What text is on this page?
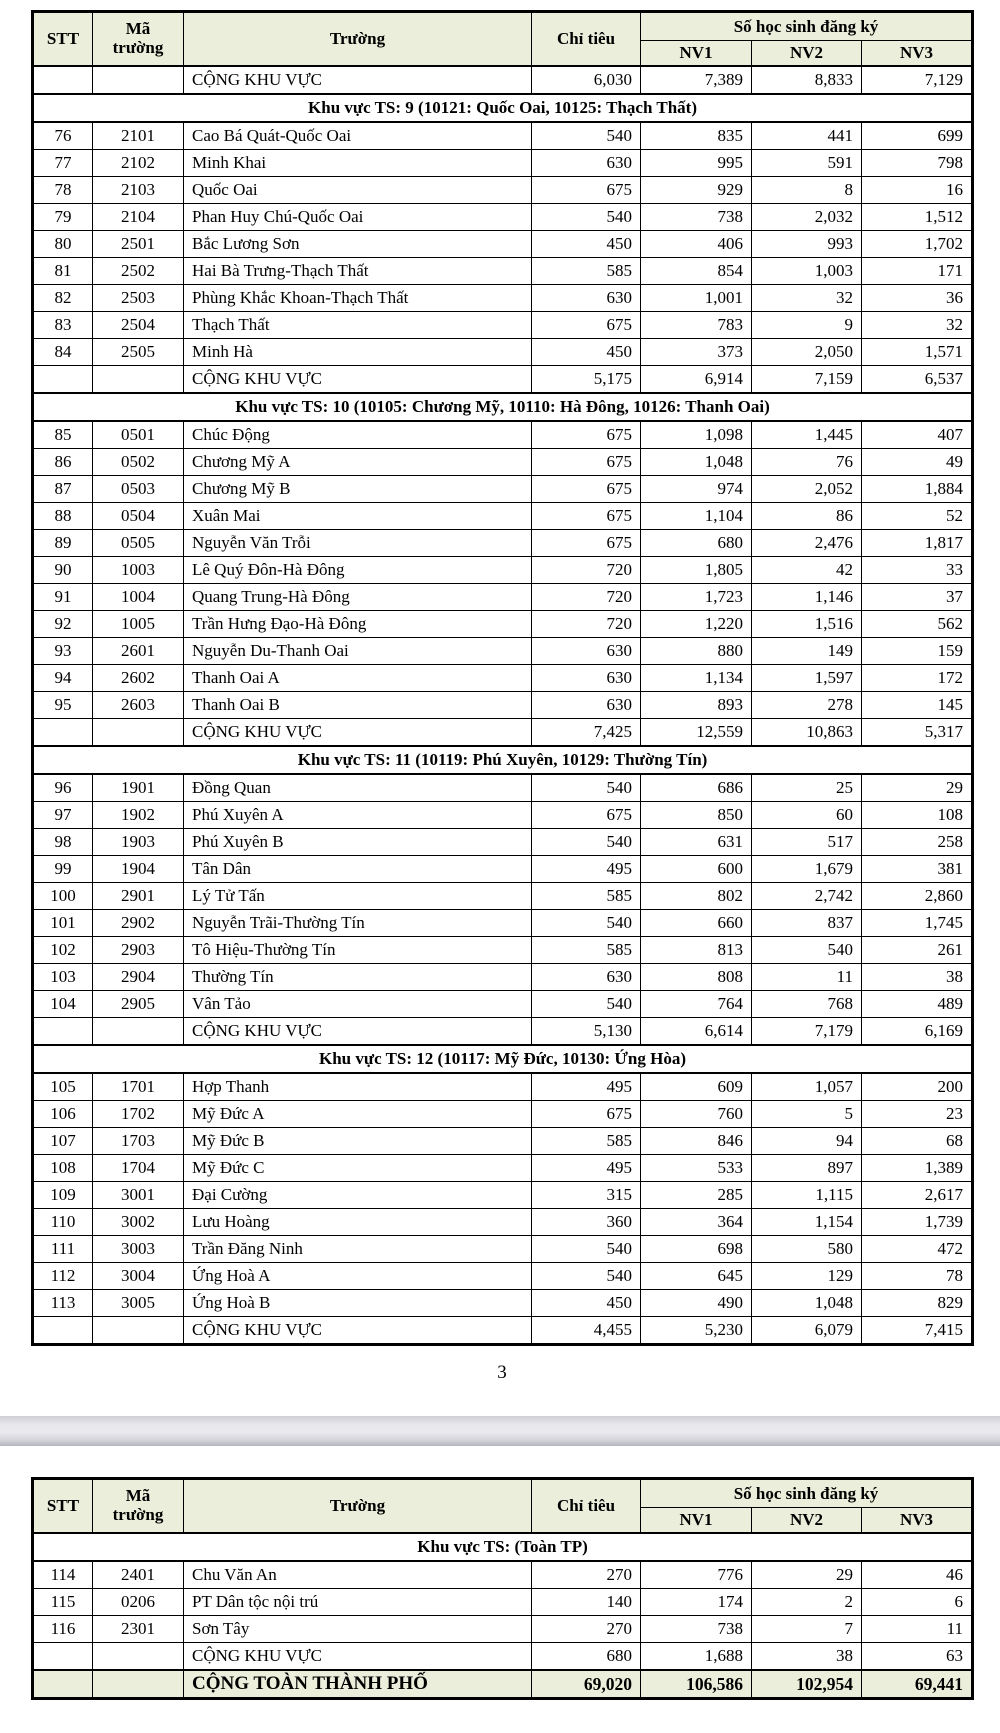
STT	Mã trường	Trường	Chỉ tiêu	Số học sinh đăng ký		
				NV1	NV2	NV3
		CỘNG KHU VỰC	6,030	7,389	8,833	7,129
Khu vực TS: 9 (10121: Quốc Oai, 10125: Thạch Thất)						
76	2101	Cao Bá Quát-Quốc Oai	540	835	441	699
77	2102	Minh Khai	630	995	591	798
78	2103	Quốc Oai	675	929	8	16
79	2104	Phan Huy Chú-Quốc Oai	540	738	2,032	1,512
80	2501	Bắc Lương Sơn	450	406	993	1,702
81	2502	Hai Bà Trưng-Thạch Thất	585	854	1,003	171
82	2503	Phùng Khắc Khoan-Thạch Thất	630	1,001	32	36
83	2504	Thạch Thất	675	783	9	32
84	2505	Minh Hà	450	373	2,050	1,571
		CỘNG KHU VỰC	5,175	6,914	7,159	6,537
Khu vực TS: 10 (10105: Chương Mỹ, 10110: Hà Đông, 10126: Thanh Oai)						
85	0501	Chúc Động	675	1,098	1,445	407
86	0502	Chương Mỹ A	675	1,048	76	49
87	0503	Chương Mỹ B	675	974	2,052	1,884
88	0504	Xuân Mai	675	1,104	86	52
89	0505	Nguyễn Văn Trỗi	675	680	2,476	1,817
90	1003	Lê Quý Đôn-Hà Đông	720	1,805	42	33
91	1004	Quang Trung-Hà Đông	720	1,723	1,146	37
92	1005	Trần Hưng Đạo-Hà Đông	720	1,220	1,516	562
93	2601	Nguyễn Du-Thanh Oai	630	880	149	159
94	2602	Thanh Oai A	630	1,134	1,597	172
95	2603	Thanh Oai B	630	893	278	145
		CỘNG KHU VỰC	7,425	12,559	10,863	5,317
Khu vực TS: 11 (10119: Phú Xuyên, 10129: Thường Tín)						
96	1901	Đồng Quan	540	686	25	29
97	1902	Phú Xuyên A	675	850	60	108
98	1903	Phú Xuyên B	540	631	517	258
99	1904	Tân Dân	495	600	1,679	381
100	2901	Lý Tử Tấn	585	802	2,742	2,860
101	2902	Nguyễn Trãi-Thường Tín	540	660	837	1,745
102	2903	Tô Hiệu-Thường Tín	585	813	540	261
103	2904	Thường Tín	630	808	11	38
104	2905	Vân Tảo	540	764	768	489
		CỘNG KHU VỰC	5,130	6,614	7,179	6,169
Khu vực TS: 12 (10117: Mỹ Đức, 10130: Ứng Hòa)						
105	1701	Hợp Thanh	495	609	1,057	200
106	1702	Mỹ Đức A	675	760	5	23
107	1703	Mỹ Đức B	585	846	94	68
108	1704	Mỹ Đức C	495	533	897	1,389
109	3001	Đại Cường	315	285	1,115	2,617
110	3002	Lưu Hoàng	360	364	1,154	1,739
111	3003	Trần Đăng Ninh	540	698	580	472
112	3004	Ứng Hoà A	540	645	129	78
113	3005	Ứng Hoà B	450	490	1,048	829
		CỘNG KHU VỰC	4,455	5,230	6,079	7,415
3
STT	Mã trường	Trường	Chỉ tiêu	Số học sinh đăng ký		
				NV1	NV2	NV3
Khu vực TS: (Toàn TP)						
114	2401	Chu Văn An	270	776	29	46
115	0206	PT Dân tộc nội trú	140	174	2	6
116	2301	Sơn Tây	270	738	7	11
		CỘNG KHU VỰC	680	1,688	38	63
		CỘNG TOÀN THÀNH PHỐ	69,020	106,586	102,954	69,441
